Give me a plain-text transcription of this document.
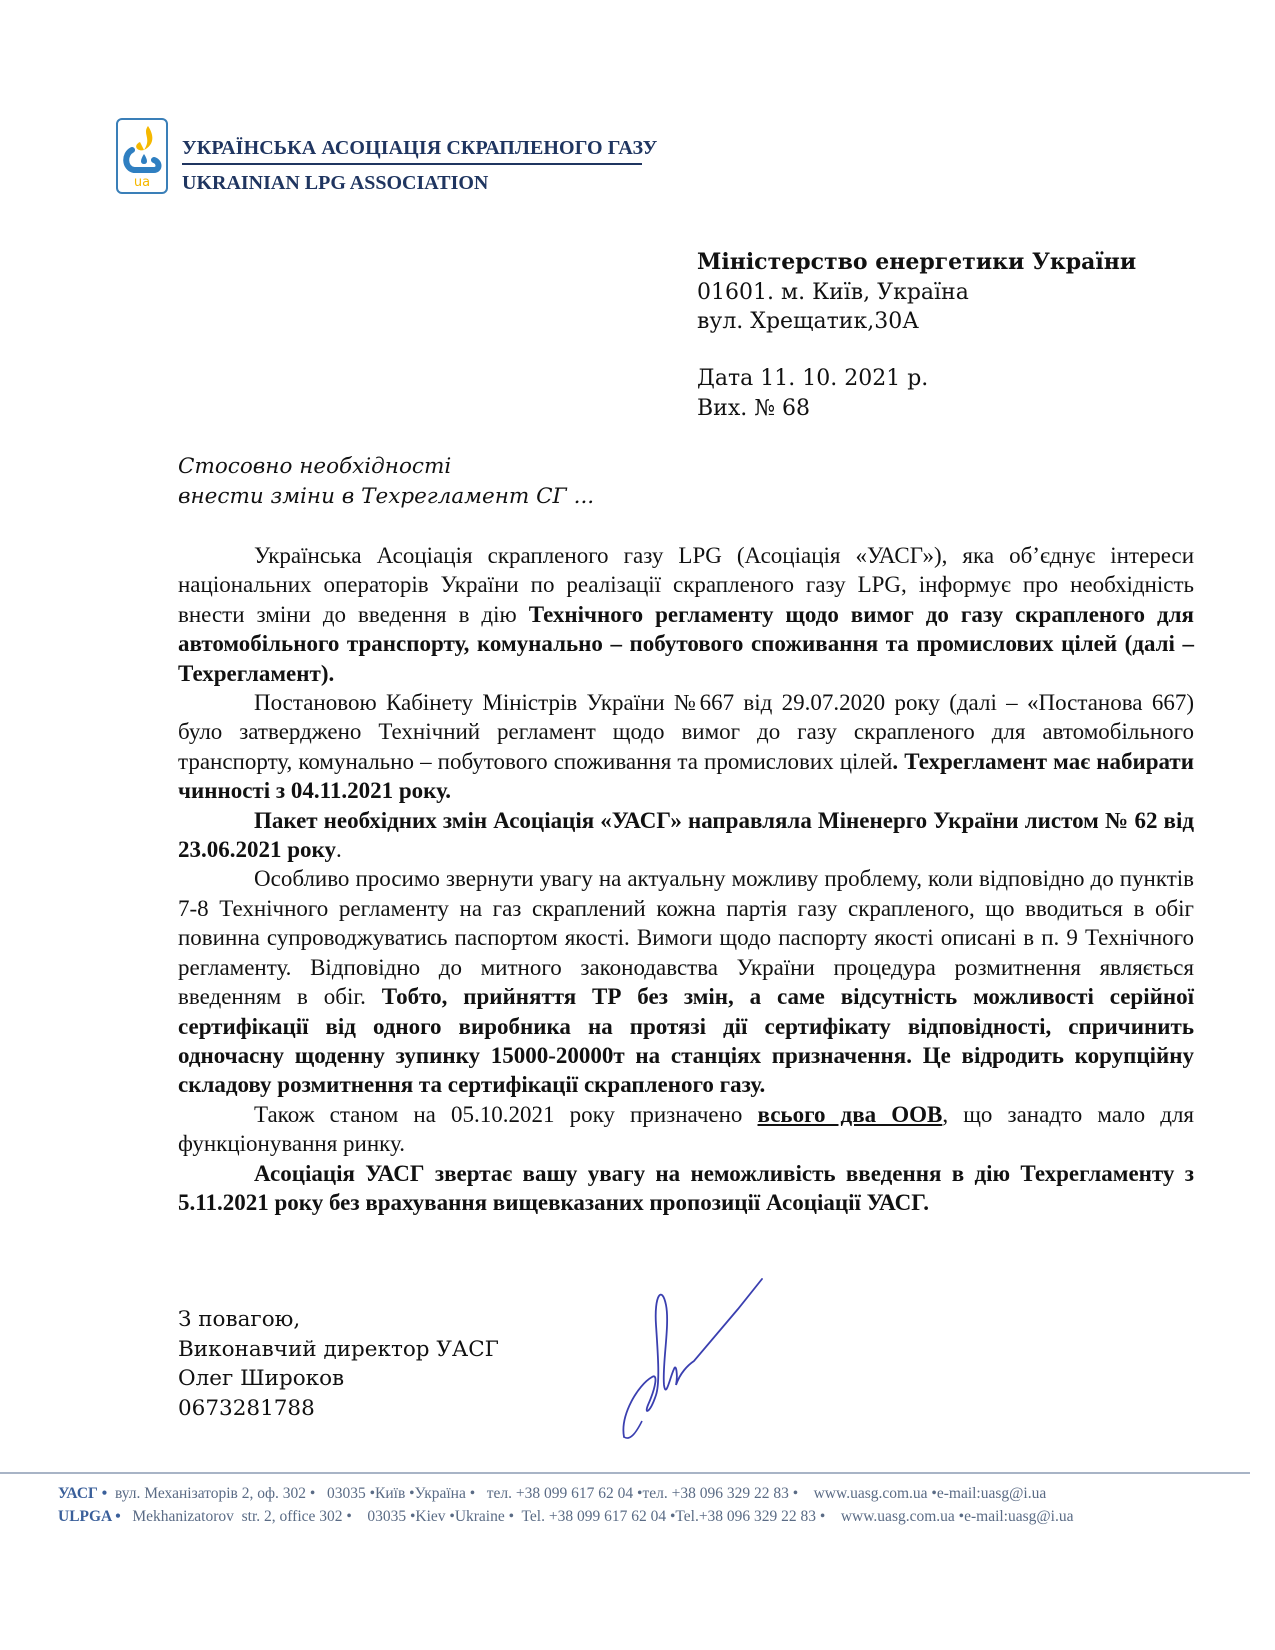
ua
УКРАЇНСЬКА АСОЦІАЦІЯ СКРАПЛЕНОГО ГАЗУ
UKRAINIAN LPG ASSOCIATION
Міністерство енергетики України
01601. м. Київ, Україна
вул. Хрещатик,30А
Дата 11. 10. 2021 р.
Вих. № 68
Стосовно необхідності
внести зміни в Техрегламент СГ ...

Українська Асоціація скрапленого газу LPG (Асоціація «УАСГ»), яка об’єднує інтереси національних операторів України по реалізації скрапленого газу LPG, інформує про необхідність внести зміни до введення в дію Технічного регламенту щодо вимог до газу скрапленого для автомобільного транспорту, комунально – побутового споживання та промислових цілей (далі – Техрегламент).

Постановою Кабінету Міністрів України №667 від 29.07.2020 року (далі – «Постанова 667) було затверджено Технічний регламент щодо вимог до газу скрапленого для автомобільного транспорту, комунально – побутового споживання та промислових цілей. Техрегламент має набирати чинності з 04.11.2021 року.

Пакет необхідних змін Асоціація «УАСГ» направляла Міненерго України листом № 62 від 23.06.2021 року.

Особливо просимо звернути увагу на актуальну можливу проблему, коли відповідно до пунктів 7-8 Технічного регламенту на газ скраплений кожна партія газу скрапленого, що вводиться в обіг повинна супроводжуватись паспортом якості. Вимоги щодо паспорту якості описані в п. 9 Технічного регламенту. Відповідно до митного законодавства України процедура розмитнення являється введенням в обіг. Тобто, прийняття ТР без змін, а саме відсутність можливості серійної сертифікації від одного виробника на протязі дії сертифікату відповідності, спричинить одночасну щоденну зупинку 15000-20000т на станціях призначення. Це відродить корупційну складову розмитнення та сертифікації скрапленого газу.

Також станом на 05.10.2021 року призначено всього два ООВ, що занадто мало для функціонування ринку.

Асоціація УАСГ звертає вашу увагу на неможливість введення в дію Техрегламенту з 5.11.2021 року без врахування вищевказаних пропозиції Асоціації УАСГ.

З повагою,
Виконавчий директор УАСГ
Олег Широков
0673281788
УАСГ •  вул. Механізаторів 2, оф. 302 •   03035 •Київ •Україна •   тел. +38 099 617 62 04 •тел. +38 096 329 22 83 •    www.uasg.com.ua •e-mail:uasg@i.ua
ULPGA •   Mekhanizatorov  str. 2, office 302 •    03035 •Kiev •Ukraine •  Tel. +38 099 617 62 04 •Tel.+38 096 329 22 83 •    www.uasg.com.ua •e-mail:uasg@i.ua
